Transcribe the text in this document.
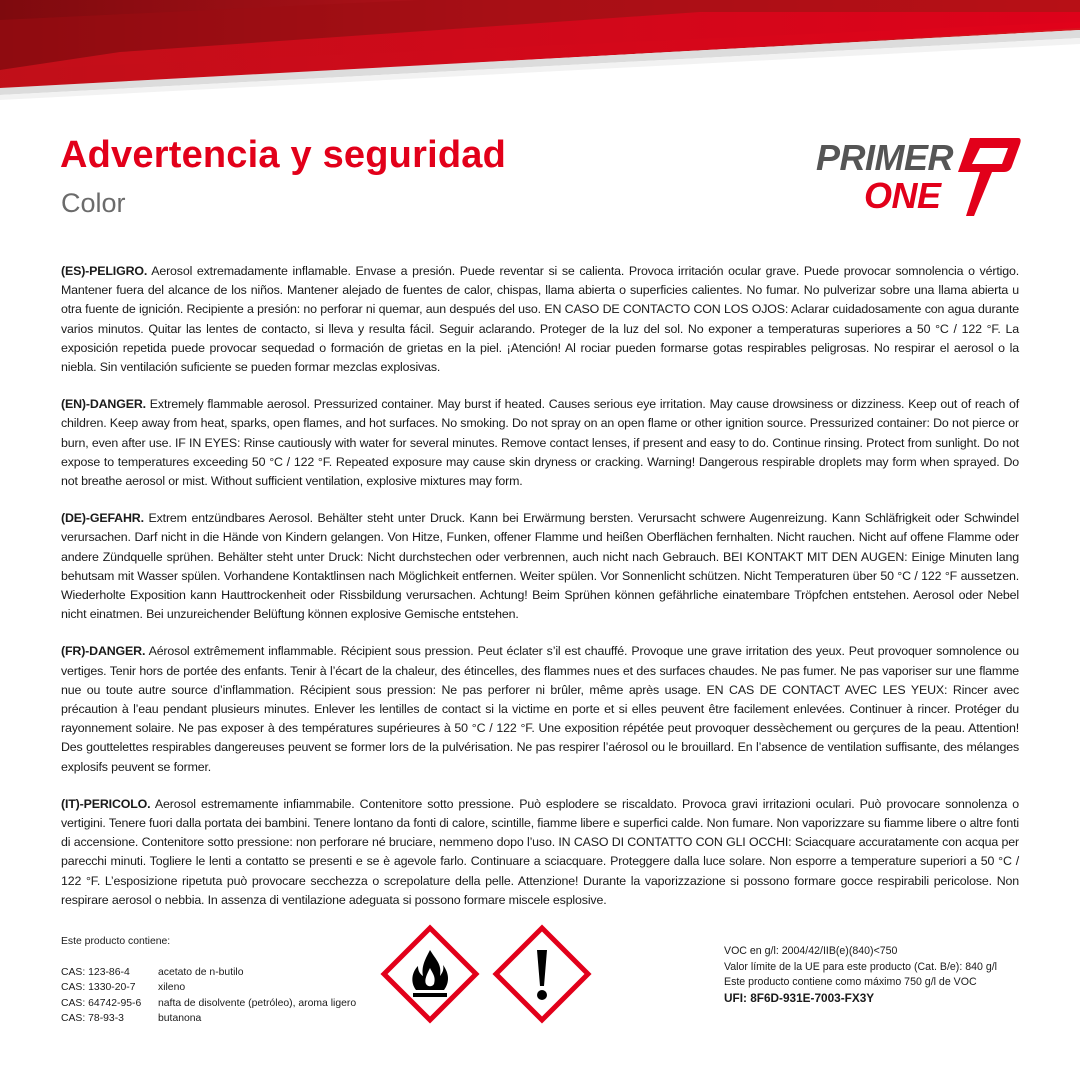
Advertencia y seguridad
Color
PRIMER
ONE

(ES)-PELIGRO. Aerosol extremadamente inflamable. Envase a presión. Puede reventar si se calienta. Provoca irritación ocular grave. Puede provocar somnolencia o vértigo. Mantener fuera del alcance de los niños. Mantener alejado de fuentes de calor, chispas, llama abierta o superficies calientes. No fumar. No pulverizar sobre una llama abierta u otra fuente de ignición. Recipiente a presión: no perforar ni quemar, aun después del uso. EN CASO DE CONTACTO CON LOS OJOS: Aclarar cuidadosamente con agua durante varios minutos. Quitar las lentes de contacto, si lleva y resulta fácil. Seguir aclarando. Proteger de la luz del sol. No exponer a temperaturas superiores a 50 °C / 122 °F. La exposición repetida puede provocar sequedad o formación de grietas en la piel. ¡Atención! Al rociar pueden formarse gotas respirables peligrosas. No respirar el aerosol o la niebla. Sin ventilación suficiente se pueden formar mezclas explosivas.

(EN)-DANGER. Extremely flammable aerosol. Pressurized container. May burst if heated. Causes serious eye irritation. May cause drowsiness or dizziness. Keep out of reach of children. Keep away from heat, sparks, open flames, and hot surfaces. No smoking. Do not spray on an open flame or other ignition source. Pressurized container: Do not pierce or burn, even after use. IF IN EYES: Rinse cautiously with water for several minutes. Remove contact lenses, if present and easy to do. Continue rinsing. Protect from sunlight. Do not expose to temperatures exceeding 50 °C / 122 °F. Repeated exposure may cause skin dryness or cracking. Warning! Dangerous respirable droplets may form when sprayed. Do not breathe aerosol or mist. Without sufficient ventilation, explosive mixtures may form.

(DE)-GEFAHR. Extrem entzündbares Aerosol. Behälter steht unter Druck. Kann bei Erwärmung bersten. Verursacht schwere Augenreizung. Kann Schläfrigkeit oder Schwindel verursachen. Darf nicht in die Hände von Kindern gelangen. Von Hitze, Funken, offener Flamme und heißen Oberflächen fernhalten. Nicht rauchen. Nicht auf offene Flamme oder andere Zündquelle sprühen. Behälter steht unter Druck: Nicht durchstechen oder verbrennen, auch nicht nach Gebrauch. BEI KONTAKT MIT DEN AUGEN: Einige Minuten lang behutsam mit Wasser spülen. Vorhandene Kontaktlinsen nach Möglichkeit entfernen. Weiter spülen. Vor Sonnenlicht schützen. Nicht Temperaturen über 50 °C / 122 °F aussetzen. Wiederholte Exposition kann Hauttrockenheit oder Rissbildung verursachen. Achtung! Beim Sprühen können gefährliche einatembare Tröpfchen entstehen. Aerosol oder Nebel nicht einatmen. Bei unzureichender Belüftung können explosive Gemische entstehen.

(FR)-DANGER. Aérosol extrêmement inflammable. Récipient sous pression. Peut éclater s’il est chauffé. Provoque une grave irritation des yeux. Peut provoquer somnolence ou vertiges. Tenir hors de portée des enfants. Tenir à l’écart de la chaleur, des étincelles, des flammes nues et des surfaces chaudes. Ne pas fumer. Ne pas vaporiser sur une flamme nue ou toute autre source d’inflammation. Récipient sous pression: Ne pas perforer ni brûler, même après usage. EN CAS DE CONTACT AVEC LES YEUX: Rincer avec précaution à l’eau pendant plusieurs minutes. Enlever les lentilles de contact si la victime en porte et si elles peuvent être facilement enlevées. Continuer à rincer. Protéger du rayonnement solaire. Ne pas exposer à des températures supérieures à 50 °C / 122 °F. Une exposition répétée peut provoquer dessèchement ou gerçures de la peau. Attention! Des gouttelettes respirables dangereuses peuvent se former lors de la pulvérisation. Ne pas respirer l’aérosol ou le brouillard. En l’absence de ventilation suffisante, des mélanges explosifs peuvent se former.

(IT)-PERICOLO. Aerosol estremamente infiammabile. Contenitore sotto pressione. Può esplodere se riscaldato. Provoca gravi irritazioni oculari. Può provocare sonnolenza o vertigini. Tenere fuori dalla portata dei bambini. Tenere lontano da fonti di calore, scintille, fiamme libere e superfici calde. Non fumare. Non vaporizzare su fiamme libere o altre fonti di accensione. Contenitore sotto pressione: non perforare né bruciare, nemmeno dopo l’uso. IN CASO DI CONTATTO CON GLI OCCHI: Sciacquare accuratamente con acqua per parecchi minuti. Togliere le lenti a contatto se presenti e se è agevole farlo. Continuare a sciacquare. Proteggere dalla luce solare. Non esporre a temperature superiori a 50 °C / 122 °F. L’esposizione ripetuta può provocare secchezza o screpolature della pelle. Attenzione! Durante la vaporizzazione si possono formare gocce respirabili pericolose. Non respirare aerosol o nebbia. In assenza di ventilazione adeguata si possono formare miscele esplosive.

Este producto contiene:
CAS: 123-86-4	acetato de n-butilo
CAS: 1330-20-7	xileno
CAS: 64742-95-6	nafta de disolvente (petróleo), aroma ligero
CAS: 78-93-3	butanona
VOC en g/l: 2004/42/IIB(e)(840)<750
Valor límite de la UE para este producto (Cat. B/e): 840 g/l
Este producto contiene como máximo 750 g/l de VOC
UFI: 8F6D-931E-7003-FX3Y
